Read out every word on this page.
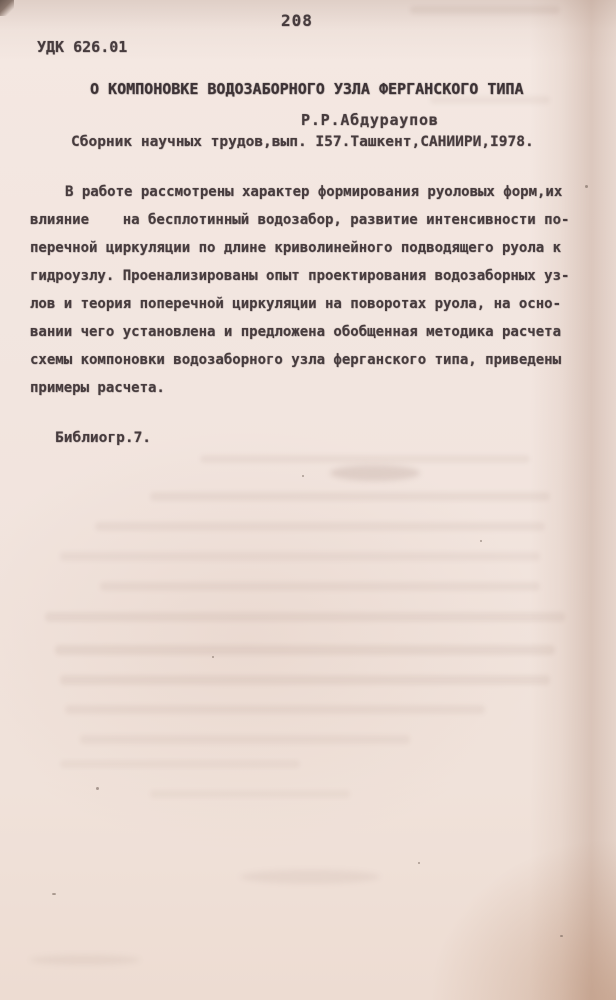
208
УДК 626.01
О КОМПОНОВКЕ ВОДОЗАБОРНОГО УЗЛА ФЕРГАНСКОГО ТИПА
Р.Р.Абдураупов
Сборник научных трудов,вып. I57.Ташкент,САНИИРИ,I978.
В работе рассмотрены характер формирования руоловых форм,их
влияние    на бесплотинный водозабор, развитие интенсивности по-
перечной циркуляции по длине криволинейного подводящего руола к
гидроузлу. Проенализированы опыт проектирования водозаборных уз-
лов и теория поперечной циркуляции на поворотах руола, на осно-
вании чего установлена и предложена обобщенная методика расчета
схемы компоновки водозаборного узла ферганского типа, приведены
примеры расчета.
Библиогр.7.
